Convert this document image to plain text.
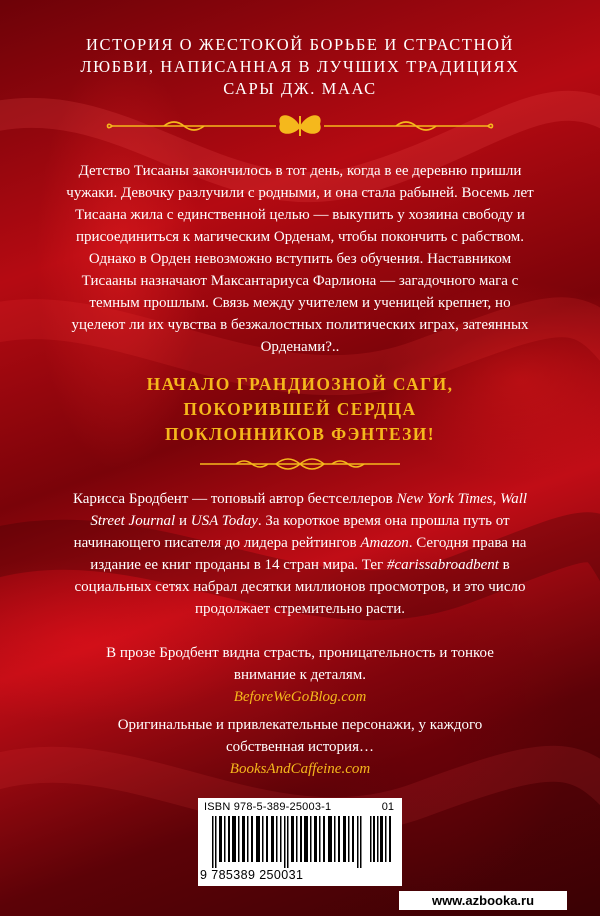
ИСТОРИЯ О ЖЕСТОКОЙ БОРЬБЕ И СТРАСТНОЙ
ЛЮБВИ, НАПИСАННАЯ В ЛУЧШИХ ТРАДИЦИЯХ
САРЫ ДЖ. МААС
Детство Тисааны закончилось в тот день, когда в ее деревню пришли чужаки. Девочку разлучили с родными, и она стала рабыней. Восемь лет Тисаана жила с единственной целью — выкупить у хозяина свободу и присоединиться к магическим Орденам, чтобы покончить с рабством. Однако в Орден невозможно вступить без обучения. Наставником Тисааны назначают Максантариуса Фарлиона — загадочного мага с темным прошлым. Связь между учителем и ученицей крепнет, но уцелеют ли их чувства в безжалостных политических играх, затеянных Орденами?..
НАЧАЛО ГРАНДИОЗНОЙ САГИ,
ПОКОРИВШЕЙ СЕРДЦА
ПОКЛОННИКОВ ФЭНТЕЗИ!
Карисса Бродбент — топовый автор бестселлеров New York Times, Wall Street Journal и USA Today. За короткое время она прошла путь от начинающего писателя до лидера рейтингов Amazon. Сегодня права на издание ее книг проданы в 14 стран мира. Тег #carissabroadbent в социальных сетях набрал десятки миллионов просмотров, и это число продолжает стремительно расти.
В прозе Бродбент видна страсть, проницательность и тонкое внимание к деталям.
BeforeWeGoBlog.com
Оригинальные и привлекательные персонажи, у каждого собственная история…
BooksAndCaffeine.com
ISBN 978-5-389-25003-1	01
9 785389 250031
www.azbooka.ru
